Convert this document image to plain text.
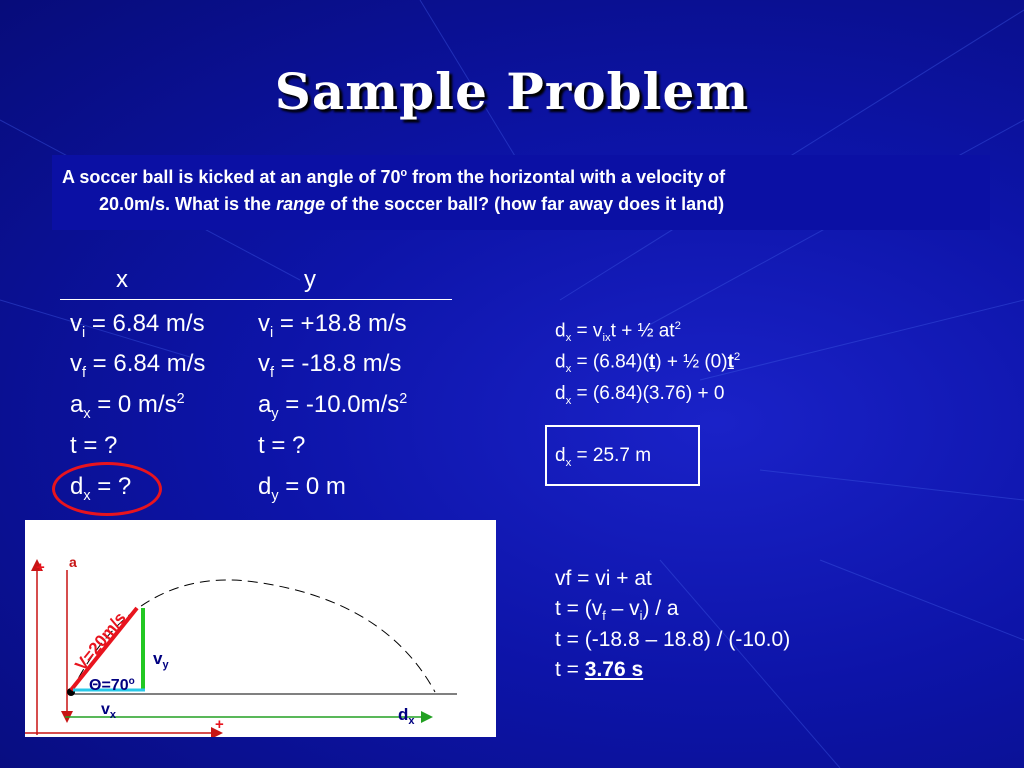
Sample Problem
A soccer ball is kicked at an angle of 70$^o$ from the horizontal with a velocity of
20.0m/s. What is the range of the soccer ball? (how far away does it land)
x	y
$v_i = 6.84$ m/s
$v_f = 6.84$ m/s
$a_x = 0$ $m/s^2$
t = ?
$d_x$ = ?
$v_i = +18.8$ m/s
$v_f = -18.8$ m/s
$a_y = -10.0m/s^2$
t = ?
$d_y = 0$ m
$d_x = v_{ix}t$ + ½ $at^2$
$d_x = (6.84)(t)$ + ½ $(0)t^2$
$d_x = (6.84)(3.76) + 0$
$d_x = 25.7$ m
vf = vi + at
$t = (v_f - v_i) / a$
t = (-18.8 – 18.8) / (-10.0)
t = 3.76 s
V=20m/s
a
+
+
$v_y$
$\Theta=70^o$
$v_x$	$d_x$
